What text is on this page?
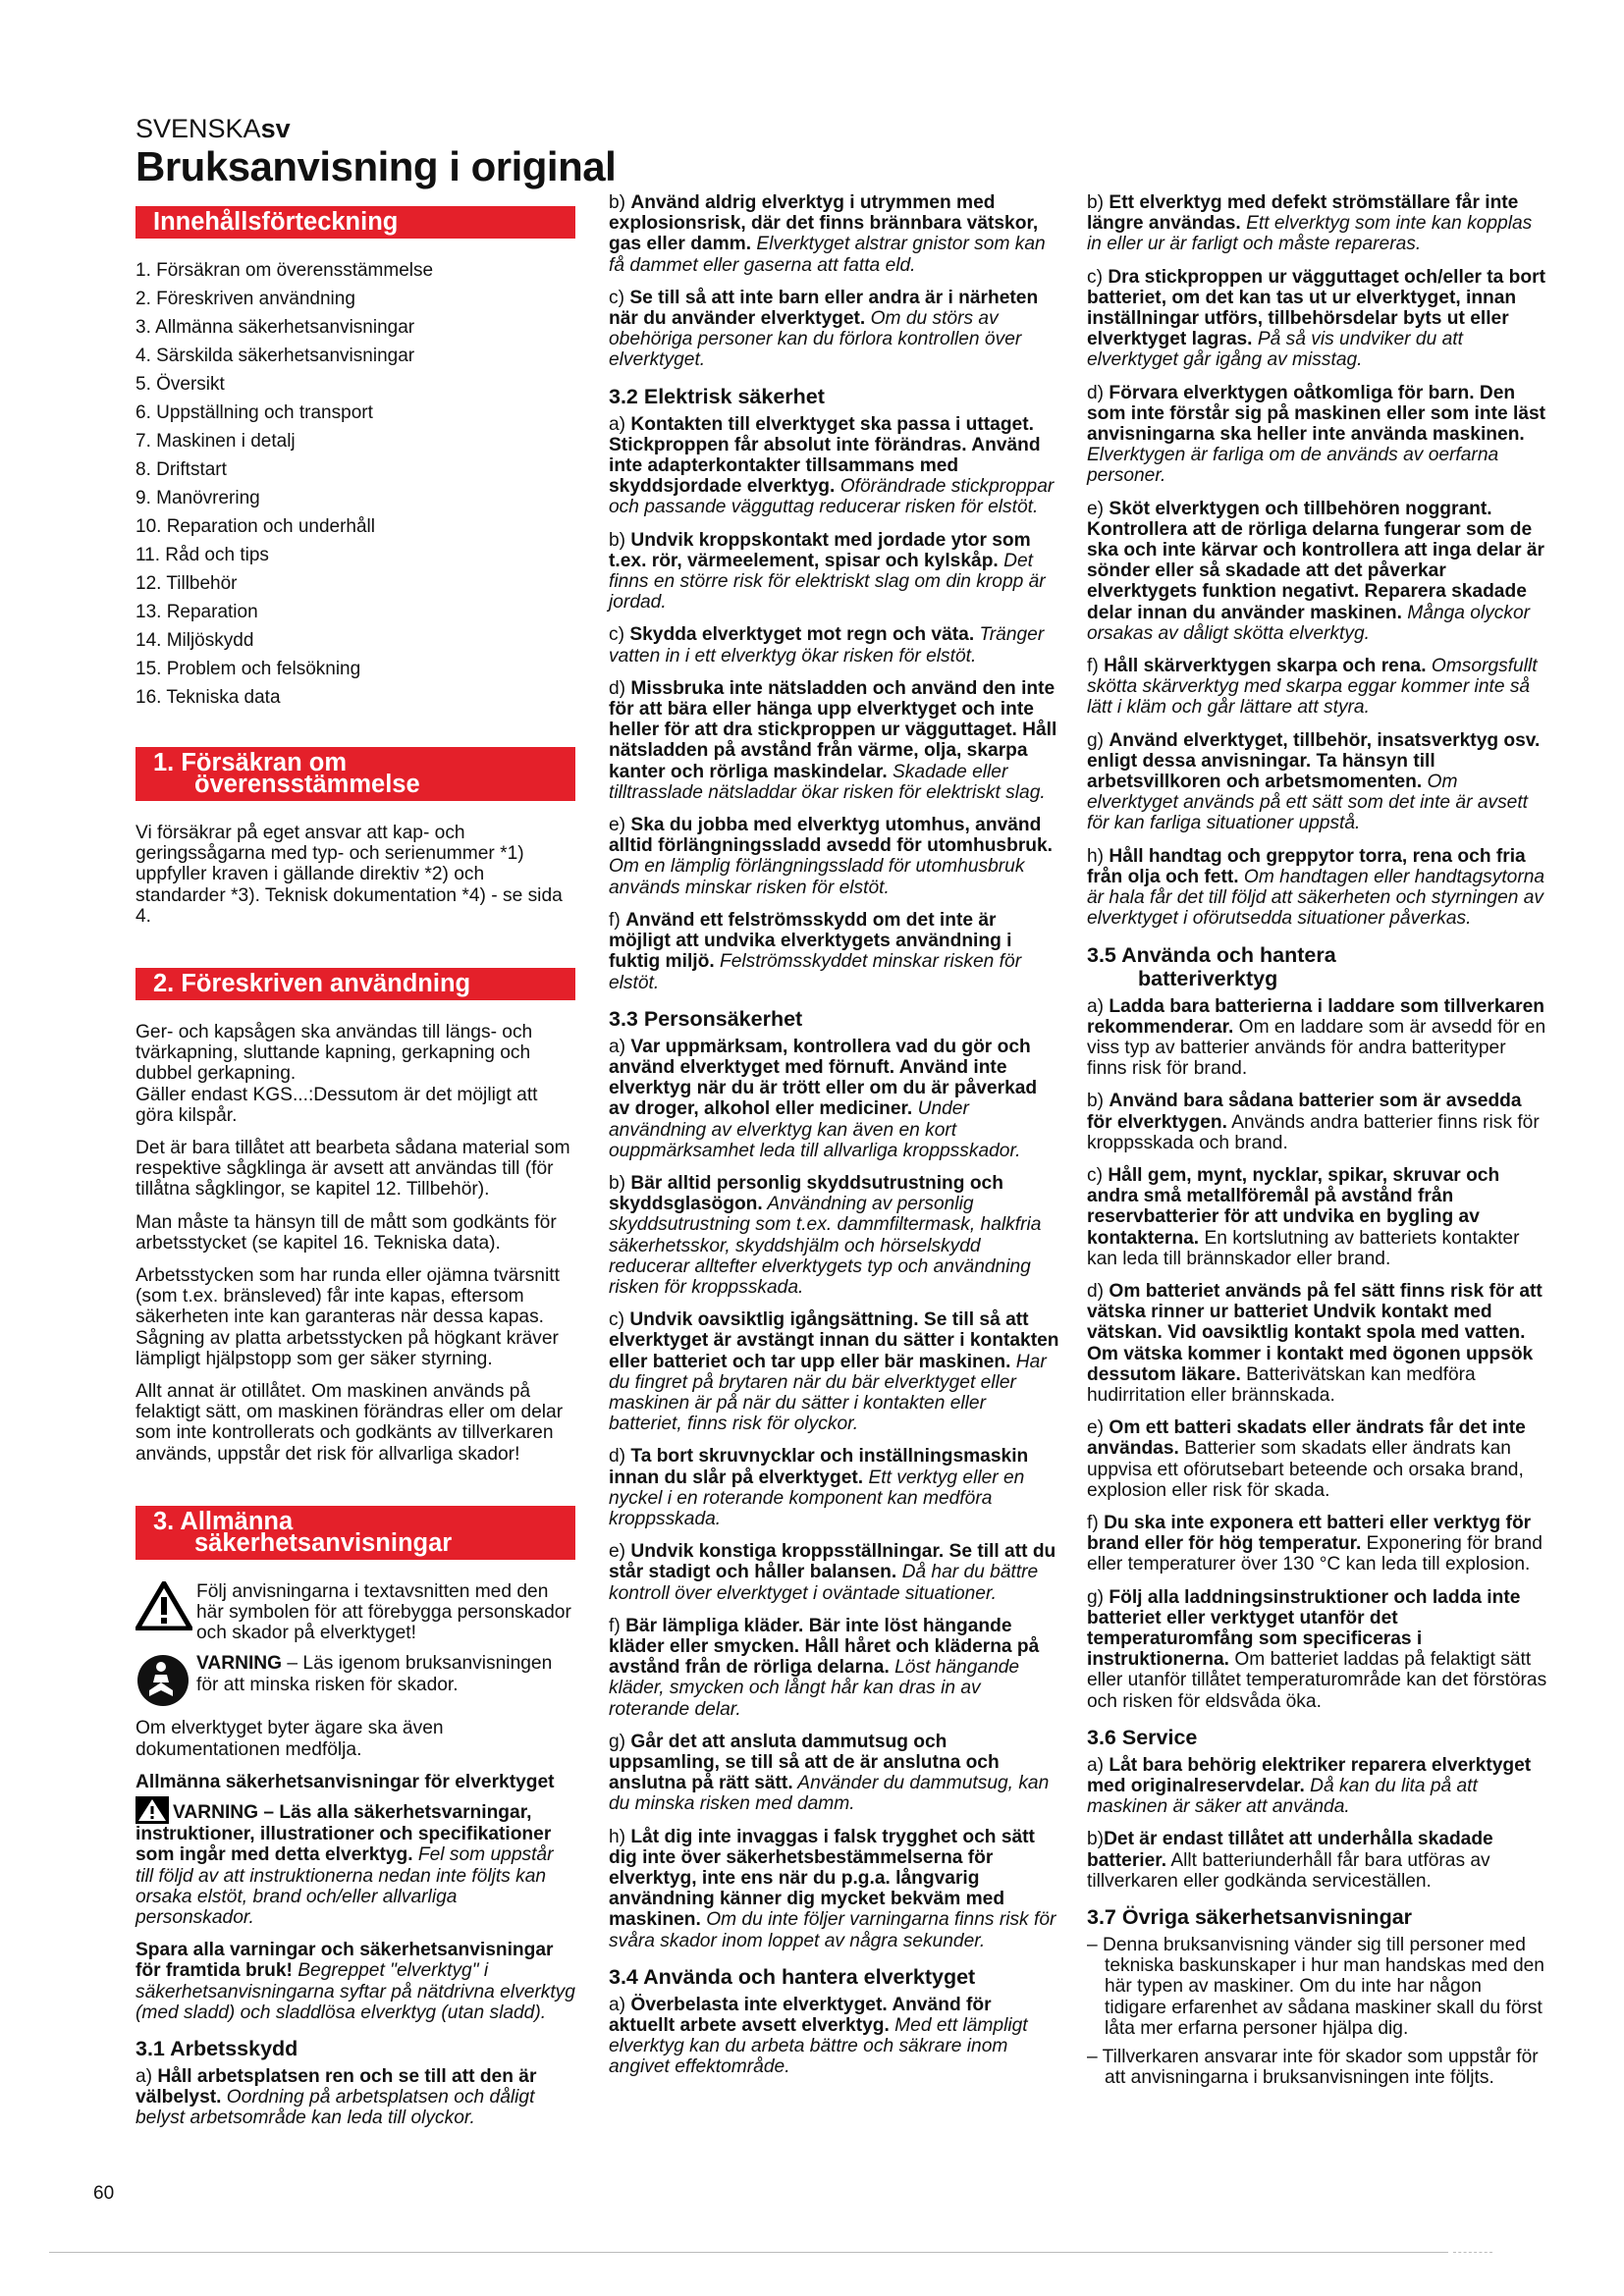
SVENSKAsv
Bruksanvisning i original
Innehållsförteckning
1. Försäkran om överensstämmelse
2. Föreskriven användning
3. Allmänna säkerhetsanvisningar
4. Särskilda säkerhetsanvisningar
5. Översikt
6. Uppställning och transport
7. Maskinen i detalj
8. Driftstart
9. Manövrering
10. Reparation och underhåll
11. Råd och tips
12. Tillbehör
13. Reparation
14. Miljöskydd
15. Problem och felsökning
16. Tekniska data
1. Försäkran om
överensstämmelse

Vi försäkrar på eget ansvar att kap- och geringssågarna med typ- och serienummer *1) uppfyller kraven i gällande direktiv *2) och standarder *3). Teknisk dokumentation *4) - se sida 4.

2. Föreskriven användning

Ger- och kapsågen ska användas till längs- och tvärkapning, sluttande kapning, gerkapning och dubbel gerkapning.

Gäller endast KGS...:Dessutom är det möjligt att göra kilspår.

Det är bara tillåtet att bearbeta sådana material som respektive sågklinga är avsett att användas till (för tillåtna sågklingor, se kapitel 12. Tillbehör).

Man måste ta hänsyn till de mått som godkänts för arbetsstycket (se kapitel 16. Tekniska data).

Arbetsstycken som har runda eller ojämna tvärsnitt (som t.ex. bränsleved) får inte kapas, eftersom säkerheten inte kan garanteras när dessa kapas. Sågning av platta arbetsstycken på högkant kräver lämpligt hjälpstopp som ger säker styrning.

Allt annat är otillåtet. Om maskinen används på felaktigt sätt, om maskinen förändras eller om delar som inte kontrollerats och godkänts av tillverkaren används, uppstår det risk för allvarliga skador!

3. Allmänna
säkerhetsanvisningar
Följ anvisningarna i textavsnitten med den här symbolen för att förebygga personskador och skador på elverktyget!
VARNING – Läs igenom bruksanvisningen för att minska risken för skador.

Om elverktyget byter ägare ska även dokumentationen medfölja.

Allmänna säkerhetsanvisningar för elverktyget

VARNING – Läs alla säkerhetsvarningar, instruktioner, illustrationer och specifikationer som ingår med detta elverktyg. Fel som uppstår till följd av att instruktionerna nedan inte följts kan orsaka elstöt, brand och/eller allvarliga personskador.

Spara alla varningar och säkerhetsanvisningar för framtida bruk! Begreppet "elverktyg" i säkerhetsanvisningarna syftar på nätdrivna elverktyg (med sladd) och sladdlösa elverktyg (utan sladd).

3.1 Arbetsskydd

a) Håll arbetsplatsen ren och se till att den är välbelyst. Oordning på arbetsplatsen och dåligt belyst arbetsområde kan leda till olyckor.

b) Använd aldrig elverktyg i utrymmen med explosionsrisk, där det finns brännbara vätskor, gas eller damm. Elverktyget alstrar gnistor som kan få dammet eller gaserna att fatta eld.

c) Se till så att inte barn eller andra är i närheten när du använder elverktyget. Om du störs av obehöriga personer kan du förlora kontrollen över elverktyget.

3.2 Elektrisk säkerhet

a) Kontakten till elverktyget ska passa i uttaget. Stickproppen får absolut inte förändras. Använd inte adapterkontakter tillsammans med skyddsjordade elverktyg. Oförändrade stickproppar och passande vägguttag reducerar risken för elstöt.

b) Undvik kroppskontakt med jordade ytor som t.ex. rör, värmeelement, spisar och kylskåp. Det finns en större risk för elektriskt slag om din kropp är jordad.

c) Skydda elverktyget mot regn och väta. Tränger vatten in i ett elverktyg ökar risken för elstöt.

d) Missbruka inte nätsladden och använd den inte för att bära eller hänga upp elverktyget och inte heller för att dra stickproppen ur vägguttaget. Håll nätsladden på avstånd från värme, olja, skarpa kanter och rörliga maskindelar. Skadade eller tilltrasslade nätsladdar ökar risken för elektriskt slag.

e) Ska du jobba med elverktyg utomhus, använd alltid förlängningssladd avsedd för utomhusbruk. Om en lämplig förlängningssladd för utomhusbruk används minskar risken för elstöt.

f) Använd ett felströmsskydd om det inte är möjligt att undvika elverktygets användning i fuktig miljö. Felströmsskyddet minskar risken för elstöt.

3.3 Personsäkerhet

a) Var uppmärksam, kontrollera vad du gör och använd elverktyget med förnuft. Använd inte elverktyg när du är trött eller om du är påverkad av droger, alkohol eller mediciner. Under användning av elverktyg kan även en kort ouppmärksamhet leda till allvarliga kroppsskador.

b) Bär alltid personlig skyddsutrustning och skyddsglasögon. Användning av personlig skyddsutrustning som t.ex. dammfiltermask, halkfria säkerhetsskor, skyddshjälm och hörselskydd reducerar alltefter elverktygets typ och användning risken för kroppsskada.

c) Undvik oavsiktlig igångsättning. Se till så att elverktyget är avstängt innan du sätter i kontakten eller batteriet och tar upp eller bär maskinen. Har du fingret på brytaren när du bär elverktyget eller maskinen är på när du sätter i kontakten eller batteriet, finns risk för olyckor.

d) Ta bort skruvnycklar och inställningsmaskin innan du slår på elverktyget. Ett verktyg eller en nyckel i en roterande komponent kan medföra kroppsskada.

e) Undvik konstiga kroppsställningar. Se till att du står stadigt och håller balansen. Då har du bättre kontroll över elverktyget i oväntade situationer.

f) Bär lämpliga kläder. Bär inte löst hängande kläder eller smycken. Håll håret och kläderna på avstånd från de rörliga delarna. Löst hängande kläder, smycken och långt hår kan dras in av roterande delar.

g) Går det att ansluta dammutsug och uppsamling, se till så att de är anslutna och anslutna på rätt sätt. Använder du dammutsug, kan du minska risken med damm.

h) Låt dig inte invaggas i falsk trygghet och sätt dig inte över säkerhetsbestämmelserna för elverktyg, inte ens när du p.g.a. långvarig användning känner dig mycket bekväm med maskinen. Om du inte följer varningarna finns risk för svåra skador inom loppet av några sekunder.

3.4 Använda och hantera elverktyget

a) Överbelasta inte elverktyget. Använd för aktuellt arbete avsett elverktyg. Med ett lämpligt elverktyg kan du arbeta bättre och säkrare inom angivet effektområde.

b) Ett elverktyg med defekt strömställare får inte längre användas. Ett elverktyg som inte kan kopplas in eller ur är farligt och måste repareras.

c) Dra stickproppen ur vägguttaget och/eller ta bort batteriet, om det kan tas ut ur elverktyget, innan inställningar utförs, tillbehörsdelar byts ut eller elverktyget lagras. På så vis undviker du att elverktyget går igång av misstag.

d) Förvara elverktygen oåtkomliga för barn. Den som inte förstår sig på maskinen eller som inte läst anvisningarna ska heller inte använda maskinen. Elverktygen är farliga om de används av oerfarna personer.

e) Sköt elverktygen och tillbehören noggrant. Kontrollera att de rörliga delarna fungerar som de ska och inte kärvar och kontrollera att inga delar är sönder eller så skadade att det påverkar elverktygets funktion negativt. Reparera skadade delar innan du använder maskinen. Många olyckor orsakas av dåligt skötta elverktyg.

f) Håll skärverktygen skarpa och rena. Omsorgsfullt skötta skärverktyg med skarpa eggar kommer inte så lätt i kläm och går lättare att styra.

g) Använd elverktyget, tillbehör, insatsverktyg osv. enligt dessa anvisningar. Ta hänsyn till arbetsvillkoren och arbetsmomenten. Om elverktyget används på ett sätt som det inte är avsett för kan farliga situationer uppstå.

h) Håll handtag och greppytor torra, rena och fria från olja och fett. Om handtagen eller handtagsytorna är hala får det till följd att säkerheten och styrningen av elverktyget i oförutsedda situationer påverkas.

3.5 Använda och hantera
batteriverktyg

a) Ladda bara batterierna i laddare som tillverkaren rekommenderar. Om en laddare som är avsedd för en viss typ av batterier används för andra batterityper finns risk för brand.

b) Använd bara sådana batterier som är avsedda för elverktygen. Används andra batterier finns risk för kroppsskada och brand.

c) Håll gem, mynt, nycklar, spikar, skruvar och andra små metallföremål på avstånd från reservbatterier för att undvika en bygling av kontakterna. En kortslutning av batteriets kontakter kan leda till brännskador eller brand.

d) Om batteriet används på fel sätt finns risk för att vätska rinner ur batteriet Undvik kontakt med vätskan. Vid oavsiktlig kontakt spola med vatten. Om vätska kommer i kontakt med ögonen uppsök dessutom läkare. Batterivätskan kan medföra hudirritation eller brännskada.

e) Om ett batteri skadats eller ändrats får det inte användas. Batterier som skadats eller ändrats kan uppvisa ett oförutsebart beteende och orsaka brand, explosion eller risk för skada.

f) Du ska inte exponera ett batteri eller verktyg för brand eller för hög temperatur. Exponering för brand eller temperaturer över 130 °C kan leda till explosion.

g) Följ alla laddningsinstruktioner och ladda inte batteriet eller verktyget utanför det temperaturomfång som specificeras i instruktionerna. Om batteriet laddas på felaktigt sätt eller utanför tillåtet temperaturområde kan det förstöras och risken för eldsvåda öka.

3.6 Service

a) Låt bara behörig elektriker reparera elverktyget med originalreservdelar. Då kan du lita på att maskinen är säker att använda.

b)Det är endast tillåtet att underhålla skadade batterier. Allt batteriunderhåll får bara utföras av tillverkaren eller godkända serviceställen.

3.7 Övriga säkerhetsanvisningar

– Denna bruksanvisning vänder sig till personer med tekniska baskunskaper i hur man handskas med den här typen av maskiner. Om du inte har någon tidigare erfarenhet av sådana maskiner skall du först låta mer erfarna personer hjälpa dig.

– Tillverkaren ansvarar inte för skador som uppstår för att anvisningarna i bruksanvisningen inte följts.

60
